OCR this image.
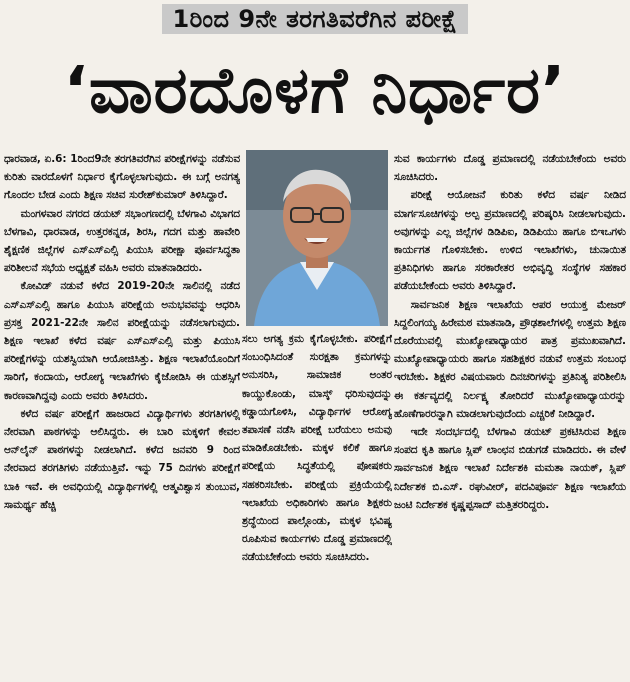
1ರಿಂದ 9ನೇ ತರಗತಿವರೆಗಿನ ಪರೀಕ್ಷೆ
‘ವಾರದೊಳಗೆ ನಿರ್ಧಾರ’

ಧಾರವಾಡ, ಏ.6: 1ರಿಂದ9ನೇ ತರಗತಿವರೆಗಿನ ಪರೀಕ್ಷೆಗಳನ್ನು ನಡೆಸುವ ಕುರಿತು ವಾರದೊಳಗೆ ನಿರ್ಧಾರ ಕೈಗೊಳ್ಳಲಾಗುವುದು. ಈ ಬಗ್ಗೆ ಅನಗತ್ಯ ಗೊಂದಲ ಬೇಡ ಎಂದು ಶಿಕ್ಷಣ ಸಚಿವ ಸುರೇಶ್‌ಕುಮಾರ್ ತಿಳಿಸಿದ್ದಾರೆ.

ಮಂಗಳವಾರ ನಗರದ ಡಯಟ್ ಸಭಾಂಗಣದಲ್ಲಿ ಬೆಳಗಾವಿ ವಿಭಾಗದ ಬೆಳಗಾವಿ, ಧಾರವಾಡ, ಉತ್ತರಕನ್ನಡ, ಶಿರಸಿ, ಗದಗ ಮತ್ತು ಹಾವೇರಿ ಶೈಕ್ಷಣಿಕ ಜಿಲ್ಲೆಗಳ ಎಸ್ಎಸ್ಎಲ್ಸಿ ಪಿಯುಸಿ ಪರೀಕ್ಷಾ ಪೂರ್ವಸಿದ್ಧತಾ ಪರಿಶೀಲನೆ ಸಭೆಯ ಅಧ್ಯಕ್ಷತೆ ವಹಿಸಿ ಅವರು ಮಾತನಾಡಿದರು.

ಕೋವಿಡ್ ನಡುವೆ ಕಳೆದ 2019-20ನೇ ಸಾಲಿನಲ್ಲಿ ನಡೆದ ಎಸ್ಎಸ್ಎಲ್ಸಿ ಹಾಗೂ ಪಿಯುಸಿ ಪರೀಕ್ಷೆಯ ಅನುಭವವನ್ನು ಆಧರಿಸಿ ಪ್ರಸಕ್ತ 2021-22ನೇ ಸಾಲಿನ ಪರೀಕ್ಷೆಯನ್ನು ನಡೆಸಲಾಗುವುದು. ಶಿಕ್ಷಣ ಇಲಾಖೆ ಕಳೆದ ವರ್ಷ ಎಸ್ಎಸ್ಎಲ್ಸಿ ಮತ್ತು ಪಿಯುಸಿ ಪರೀಕ್ಷೆಗಳನ್ನು ಯಶಸ್ವಿಯಾಗಿ ಆಯೋಜಿಸಿತ್ತು. ಶಿಕ್ಷಣ ಇಲಾಖೆಯೊಂದಿಗೆ ಸಾರಿಗೆ, ಕಂದಾಯ, ಆರೋಗ್ಯ ಇಲಾಖೆಗಳು ಕೈಜೋಡಿಸಿ ಈ ಯಶಸ್ಸಿಗೆ ಕಾರಣವಾಗಿದ್ದವು ಎಂದು ಅವರು ತಿಳಿಸಿದರು.

ಕಳೆದ ವರ್ಷ ಪರೀಕ್ಷೆಗೆ ಹಾಜರಾದ ವಿದ್ಯಾರ್ಥಿಗಳು ತರಗತಿಗಳಲ್ಲಿ ನೇರವಾಗಿ ಪಾಠಗಳನ್ನು ಆಲಿಸಿದ್ದರು. ಈ ಬಾರಿ ಮಕ್ಕಳಿಗೆ ಕೇವಲ ಆನ್‌ಲೈನ್ ಪಾಠಗಳನ್ನು ನೀಡಲಾಗಿದೆ. ಕಳೆದ ಜನವರಿ 9 ರಿಂದ ನೇರವಾದ ತರಗತಿಗಳು ನಡೆಯುತ್ತಿವೆ. ಇನ್ನು 75 ದಿನಗಳು ಪರೀಕ್ಷೆಗೆ ಬಾಕಿ ಇವೆ. ಈ ಅವಧಿಯಲ್ಲಿ ವಿದ್ಯಾರ್ಥಿಗಳಲ್ಲಿ ಆತ್ಮವಿಶ್ವಾಸ ತುಂಬುವ, ಸಾಮರ್ಥ್ಯ ಹೆಚ್ಚಿ

ಸಲು ಅಗತ್ಯ ಕ್ರಮ ಕೈಗೊಳ್ಳಬೇಕು. ಪರೀಕ್ಷೆಗೆ ಸಂಬಂಧಿಸಿದಂತೆ ಸುರಕ್ಷತಾ ಕ್ರಮಗಳನ್ನು ಅನುಸರಿಸಿ, ಸಾಮಾಜಿಕ ಅಂತರ ಕಾಯ್ದುಕೊಂಡು, ಮಾಸ್ಕ್ ಧರಿಸುವುದನ್ನು ಕಡ್ಡಾಯಗೊಳಿಸಿ, ವಿದ್ಯಾರ್ಥಿಗಳ ಆರೋಗ್ಯ ತಪಾಸಣೆ ನಡೆಸಿ ಪರೀಕ್ಷೆ ಬರೆಯಲು ಅನುವು ಮಾಡಿಕೊಡಬೇಕು. ಮಕ್ಕಳ ಕಲಿಕೆ ಹಾಗೂ ಪರೀಕ್ಷೆಯ ಸಿದ್ಧತೆಯಲ್ಲಿ ಪೋಷಕರು ಸಹಕರಿಸಬೇಕು. ಪರೀಕ್ಷೆಯ ಪ್ರಕ್ರಿಯೆಯಲ್ಲಿ ಇಲಾಖೆಯ ಅಧಿಕಾರಿಗಳು ಹಾಗೂ ಶಿಕ್ಷಕರು ಶ್ರದ್ಧೆಯಿಂದ ಪಾಲ್ಗೊಂಡು, ಮಕ್ಕಳ ಭವಿಷ್ಯ ರೂಪಿಸುವ ಕಾರ್ಯಗಳು ದೊಡ್ಡ ಪ್ರಮಾಣದಲ್ಲಿ ನಡೆಯಬೇಕೆಂದು ಅವರು ಸೂಚಿಸಿದರು.

ಸುವ ಕಾರ್ಯಗಳು ದೊಡ್ಡ ಪ್ರಮಾಣದಲ್ಲಿ ನಡೆಯಬೇಕೆಂದು ಅವರು ಸೂಚಿಸಿದರು.

ಪರೀಕ್ಷೆ ಆಯೋಜನೆ ಕುರಿತು ಕಳೆದ ವರ್ಷ ನೀಡಿದ ಮಾರ್ಗಸೂಚಿಗಳನ್ನು ಅಲ್ಪ ಪ್ರಮಾಣದಲ್ಲಿ ಪರಿಷ್ಕರಿಸಿ ನೀಡಲಾಗುವುದು. ಅವುಗಳನ್ನು ಎಲ್ಲ ಜಿಲ್ಲೆಗಳ ಡಿಡಿಪಿಐ, ಡಿಡಿಪಿಯು ಹಾಗೂ ಬಿಇಒಗಳು ಕಾರ್ಯಗತ ಗೊಳಿಸಬೇಕು. ಉಳಿದ ಇಲಾಖೆಗಳು, ಚುನಾಯಿತ ಪ್ರತಿನಿಧಿಗಳು ಹಾಗೂ ಸರಕಾರೇತರ ಅಭಿವೃದ್ಧಿ ಸಂಸ್ಥೆಗಳ ಸಹಕಾರ ಪಡೆಯಬೇಕೆಂದು ಅವರು ತಿಳಿಸಿದ್ದಾರೆ.

ಸಾರ್ವಜನಿಕ ಶಿಕ್ಷಣ ಇಲಾಖೆಯ ಆಪರ ಆಯುಕ್ತ ಮೇಜರ್ ಸಿದ್ದಲಿಂಗಯ್ಯ ಹಿರೇಮಠ ಮಾತನಾಡಿ, ಪ್ರೌಢಶಾಲೆಗಳಲ್ಲಿ ಉತ್ತಮ ಶಿಕ್ಷಣ ದೊರೆಯುವಲ್ಲಿ ಮುಖ್ಯೋಪಾಧ್ಯಾಯರ ಪಾತ್ರ ಪ್ರಮುಖವಾಗಿದೆ. ಮುಖ್ಯೋಪಾಧ್ಯಾಯರು ಹಾಗೂ ಸಹಶಿಕ್ಷಕರ ನಡುವೆ ಉತ್ತಮ ಸಂಬಂಧ ಇರಬೇಕು. ಶಿಕ್ಷಕರ ವಿಷಯವಾರು ದಿನಚರಿಗಳನ್ನು ಪ್ರತಿನಿತ್ಯ ಪರಿಶೀಲಿಸಿ ಈ ಕರ್ತವ್ಯದಲ್ಲಿ ನಿರ್ಲಕ್ಷ್ಯ ತೋರಿದರೆ ಮುಖ್ಯೋಪಾಧ್ಯಾಯರನ್ನು ಹೊಣೆಗಾರರನ್ನಾಗಿ ಮಾಡಲಾಗುವುದೆಂದು ಎಚ್ಚರಿಕೆ ನೀಡಿದ್ದಾರೆ.

ಇದೇ ಸಂದರ್ಭದಲ್ಲಿ ಬೆಳಗಾವಿ ಡಯಟ್ ಪ್ರಕಟಿಸಿರುವ ಶಿಕ್ಷಣ ಸಂಪದ ಕೃತಿ ಹಾಗೂ ಸ್ಲಿಪ್ ಲಾಂಛನ ಬಿಡುಗಡೆ ಮಾಡಿದರು. ಈ ವೇಳೆ ಸಾರ್ವಜನಿಕ ಶಿಕ್ಷಣ ಇಲಾಖೆ ನಿರ್ದೇಶಕಿ ಮಮತಾ ನಾಯಕ್, ಸ್ಲಿಪ್ ನಿರ್ದೇಶಕ ಬಿ.ಎಸ್. ರಘುವೀರ್, ಪದವಿಪೂರ್ವ ಶಿಕ್ಷಣ ಇಲಾಖೆಯ ಜಂಟಿ ನಿರ್ದೇಶಕ ಕೃಷ್ಣಪ್ಪಸಾದ್ ಮತ್ತಿತರರಿದ್ದರು.
